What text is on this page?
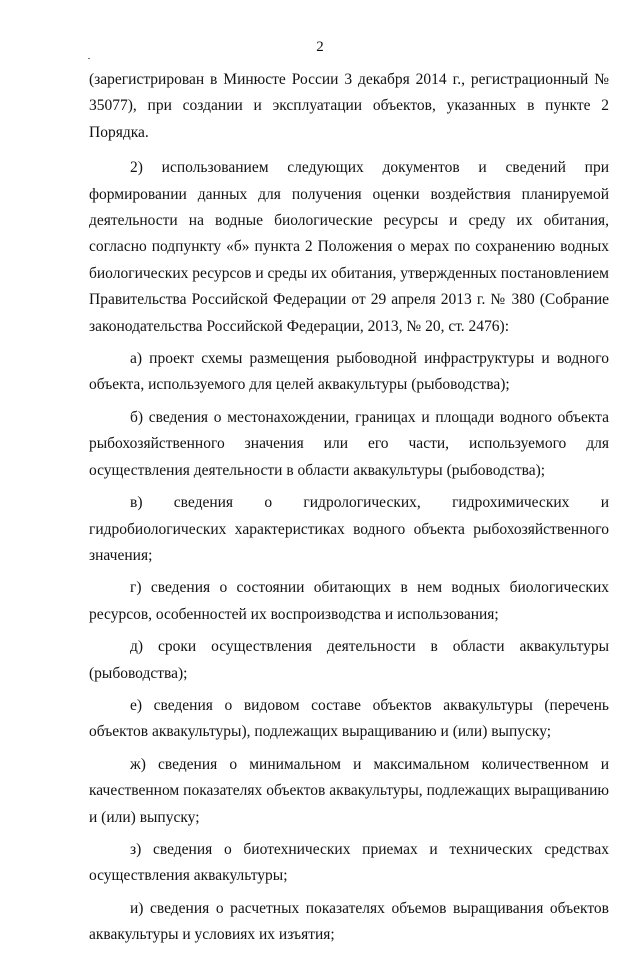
2

(зарегистрирован в Минюсте России 3 декабря 2014 г., регистрационный № 35077), при создании и эксплуатации объектов, указанных в пункте 2 Порядка.

2) использованием следующих документов и сведений при формировании данных для получения оценки воздействия планируемой деятельности на водные биологические ресурсы и среду их обитания, согласно подпункту «б» пункта 2 Положения о мерах по сохранению водных биологических ресурсов и среды их обитания, утвержденных постановлением Правительства Российской Федерации от 29 апреля 2013 г. № 380 (Собрание законодательства Российской Федерации, 2013, № 20, ст. 2476):

а) проект схемы размещения рыбоводной инфраструктуры и водного объекта, используемого для целей аквакультуры (рыбоводства);

б) сведения о местонахождении, границах и площади водного объекта рыбохозяйственного значения или его части, используемого для осуществления деятельности в области аквакультуры (рыбоводства);

в) сведения о гидрологических, гидрохимических и гидробиологических характеристиках водного объекта рыбохозяйственного значения;

г) сведения о состоянии обитающих в нем водных биологических ресурсов, особенностей их воспроизводства и использования;

д) сроки осуществления деятельности в области аквакультуры (рыбоводства);

е) сведения о видовом составе объектов аквакультуры (перечень объектов аквакультуры), подлежащих выращиванию и (или) выпуску;

ж) сведения о минимальном и максимальном количественном и качественном показателях объектов аквакультуры, подлежащих выращиванию и (или) выпуску;

з) сведения о биотехнических приемах и технических средствах осуществления аквакультуры;

и) сведения о расчетных показателях объемов выращивания объектов аквакультуры и условиях их изъятия;
